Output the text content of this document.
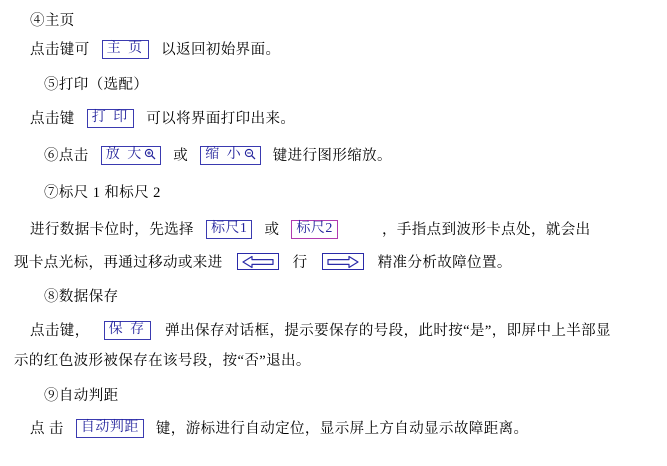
④主页
点击键可 主 页 以返回初始界面。
⑤打印（选配）
点击键 打 印 可以将界面打印出来。
⑥点击 放 大 或 缩 小 键进行图形缩放。
⑦标尺 1 和标尺 2
进行数据卡位时，先选择 标尺1 或 标尺2	，手指点到波形卡点处，就会出
现卡点光标，再通过移动或来进	行	精准分析故障位置。
⑧数据保存
点击键， 保 存 弹出保存对话框，提示要保存的号段，此时按“是”，即屏中上半部显
示的红色波形被保存在该号段，按“否”退出。
⑨自动判距
点 击 自动判距 键，游标进行自动定位，显示屏上方自动显示故障距离。
